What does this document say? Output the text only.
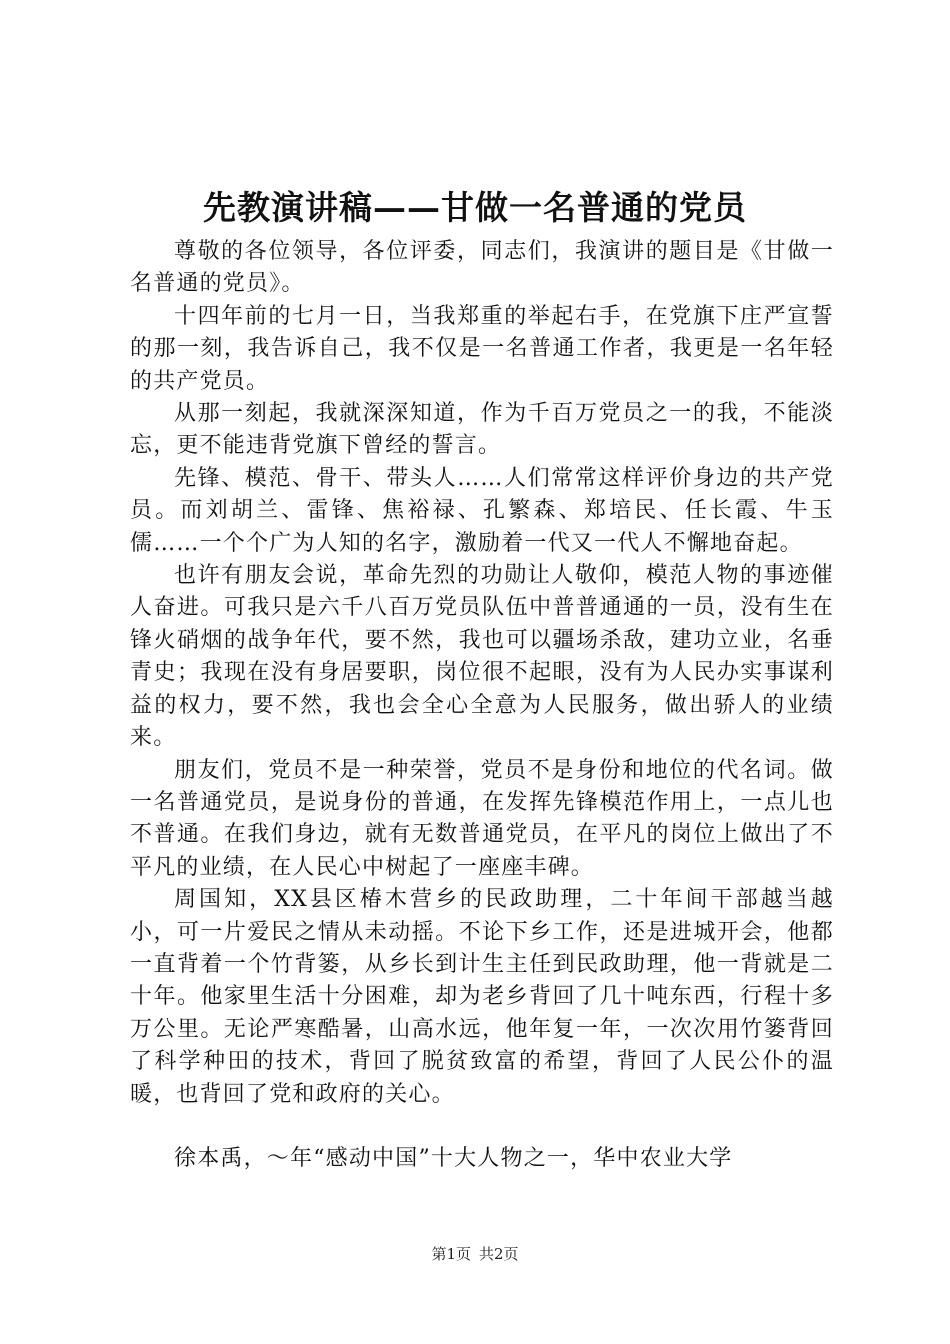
先教演讲稿——甘做一名普通的党员

尊敬的各位领导，各位评委，同志们，我演讲的题目是《甘做一名普通的党员》。

十四年前的七月一日，当我郑重的举起右手，在党旗下庄严宣誓的那一刻，我告诉自己，我不仅是一名普通工作者，我更是一名年轻的共产党员。

从那一刻起，我就深深知道，作为千百万党员之一的我，不能淡忘，更不能违背党旗下曾经的誓言。

先锋、模范、骨干、带头人……人们常常这样评价身边的共产党员。而刘胡兰、雷锋、焦裕禄、孔繁森、郑培民、任长霞、牛玉儒……一个个广为人知的名字，激励着一代又一代人不懈地奋起。

也许有朋友会说，革命先烈的功勋让人敬仰，模范人物的事迹催人奋进。可我只是六千八百万党员队伍中普普通通的一员，没有生在锋火硝烟的战争年代，要不然，我也可以疆场杀敌，建功立业，名垂青史；我现在没有身居要职，岗位很不起眼，没有为人民办实事谋利益的权力，要不然，我也会全心全意为人民服务，做出骄人的业绩来。

朋友们，党员不是一种荣誉，党员不是身份和地位的代名词。做一名普通党员，是说身份的普通，在发挥先锋模范作用上，一点儿也不普通。在我们身边，就有无数普通党员，在平凡的岗位上做出了不平凡的业绩，在人民心中树起了一座座丰碑。

周国知，XX县区椿木营乡的民政助理，二十年间干部越当越小，可一片爱民之情从未动摇。不论下乡工作，还是进城开会，他都一直背着一个竹背篓，从乡长到计生主任到民政助理，他一背就是二十年。他家里生活十分困难，却为老乡背回了几十吨东西，行程十多万公里。无论严寒酷暑，山高水远，他年复一年，一次次用竹篓背回了科学种田的技术，背回了脱贫致富的希望，背回了人民公仆的温暖，也背回了党和政府的关心。

徐本禹，～年“感动中国”十大人物之一，华中农业大学

第1页 共2页
